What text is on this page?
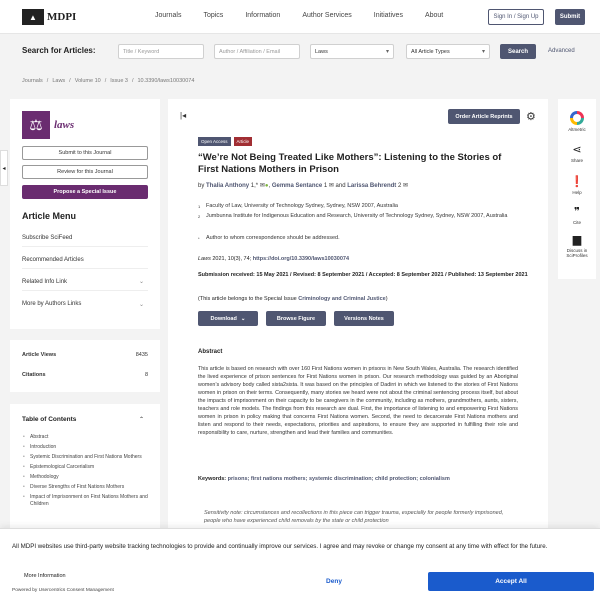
▲ MDPI	Journals	Topics	Information	Author Services	Initiatives	About	Sign In / Sign Up	Submit
Search for Articles:	Title / Keyword	Author / Affiliation / Email	Laws	▾	All Article Types	▾	Search	Advanced
Journals / Laws / Volume 10 / Issue 3 / 10.3390/laws10030074
◂
⚖	laws
Submit to this Journal
Review for this Journal
Propose a Special Issue
Article Menu
Subscribe SciFeed
Recommended Articles
Related Info Link	⌄
More by Authors Links	⌄
Article Views	8435
Citations	8
Table of Contents	⌃
• Abstract
• Introduction
• Systemic Discrimination and First Nations Mothers
• Epistemological Carcerialism
• Methodology
• Diverse Strengths of First Nations Mothers
• Impact of Imprisonment on First Nations Mothers and Children
|◂	Order Article Reprints	⚙
Open Access	Article
“We’re Not Being Treated Like Mothers”: Listening to the Stories of First Nations Mothers in Prison
by Thalia Anthony 1,* ✉●, Gemma Sentance 1 ✉ and Larissa Behrendt 2 ✉
1	Faculty of Law, University of Technology Sydney, Sydney, NSW 2007, Australia
2	Jumbunna Institute for Indigenous Education and Research, University of Technology Sydney, Sydney, NSW 2007, Australia
*	Author to whom correspondence should be addressed.
Laws 2021, 10(3), 74; https://doi.org/10.3390/laws10030074
Submission received: 15 May 2021 / Revised: 8 September 2021 / Accepted: 8 September 2021 / Published: 13 September 2021
(This article belongs to the Special Issue Criminology and Criminal Justice)
Download ⌄	Browse Figure	Versions Notes
Abstract

This article is based on research with over 160 First Nations women in prisons in New South Wales, Australia. The research identified the lived experience of prison sentences for First Nations women in prison. Our research methodology was guided by an Aboriginal women’s advisory body called sista2sista. It was based on the principles of Dadirri in which we listened to the stories of First Nations women in prison on their terms. Consequently, many stories we heard were not about the criminal sentencing process itself, but about the impacts of imprisonment on their capacity to be caregivers in the community, including as mothers, grandmothers, aunts, sisters, teachers and role models. The findings from this research are dual. First, the importance of listening to and empowering First Nations women in prison in policy making that concerns First Nations women. Second, the need to decarcerate First Nations mothers and listen and respond to their needs, expectations, priorities and aspirations, to ensure they are supported in fulfilling their role and responsibility to care, nurture, strengthen and lead their families and communities.

Keywords: prisons; first nations mothers; systemic discrimination; child protection; colonialism

Sensitivity note: circumstances and recollections in this piece can trigger trauma, especially for people formerly imprisoned, people who have experienced child removals by the state or child protection

Altmetric
⋖
Share
❗
Help
❞
Cite
▆
Discuss in SciProfiles

All MDPI websites use third-party website tracking technologies to provide and continually improve our services. I agree and may revoke or change my consent at any time with effect for the future.

More Information
Powered by Usercentrics Consent Management
Deny	Accept All
